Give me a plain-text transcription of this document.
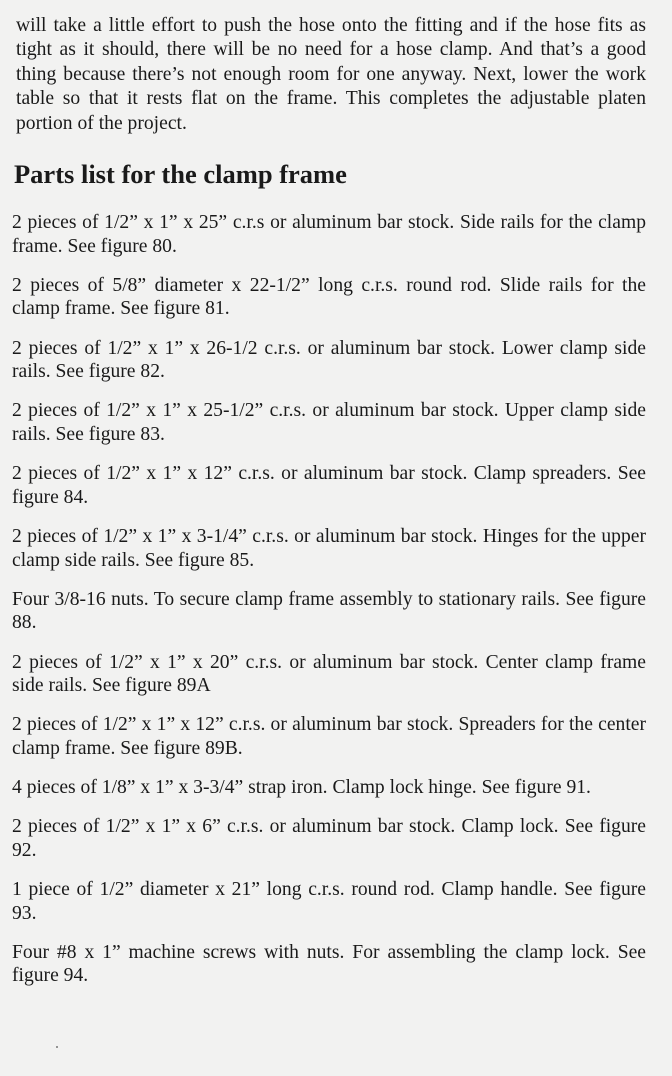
will take a little effort to push the hose onto the fitting and if the hose fits as tight as it should, there will be no need for a hose clamp. And that’s a good thing because there’s not enough room for one anyway. Next, lower the work table so that it rests flat on the frame. This completes the adjustable platen portion of the project.

Parts list for the clamp frame
2 pieces of 1/2” x 1” x 25” c.r.s or aluminum bar stock. Side rails for the clamp frame. See figure 80.
2 pieces of 5/8” diameter x 22-1/2” long c.r.s. round rod. Slide rails for the clamp frame. See figure 81.
2 pieces of 1/2” x 1” x 26-1/2 c.r.s. or aluminum bar stock. Lower clamp side rails. See figure 82.
2 pieces of 1/2” x 1” x 25-1/2” c.r.s. or aluminum bar stock. Upper clamp side rails. See figure 83.
2 pieces of 1/2” x 1” x 12” c.r.s. or aluminum bar stock. Clamp spreaders. See figure 84.
2 pieces of 1/2” x 1” x 3-1/4” c.r.s. or aluminum bar stock. Hinges for the upper clamp side rails. See figure 85.
Four 3/8-16 nuts. To secure clamp frame assembly to stationary rails. See figure 88.
2 pieces of 1/2” x 1” x 20” c.r.s. or aluminum bar stock. Center clamp frame side rails. See figure 89A
2 pieces of 1/2” x 1” x 12” c.r.s. or aluminum bar stock. Spreaders for the center clamp frame. See figure 89B.
4 pieces of 1/8” x 1” x 3-3/4” strap iron. Clamp lock hinge. See figure 91.
2 pieces of 1/2” x 1” x 6” c.r.s. or aluminum bar stock. Clamp lock. See figure 92.
1 piece of 1/2” diameter x 21” long c.r.s. round rod. Clamp handle. See figure 93.
Four #8 x 1” machine screws with nuts. For assembling the clamp lock. See figure 94.
